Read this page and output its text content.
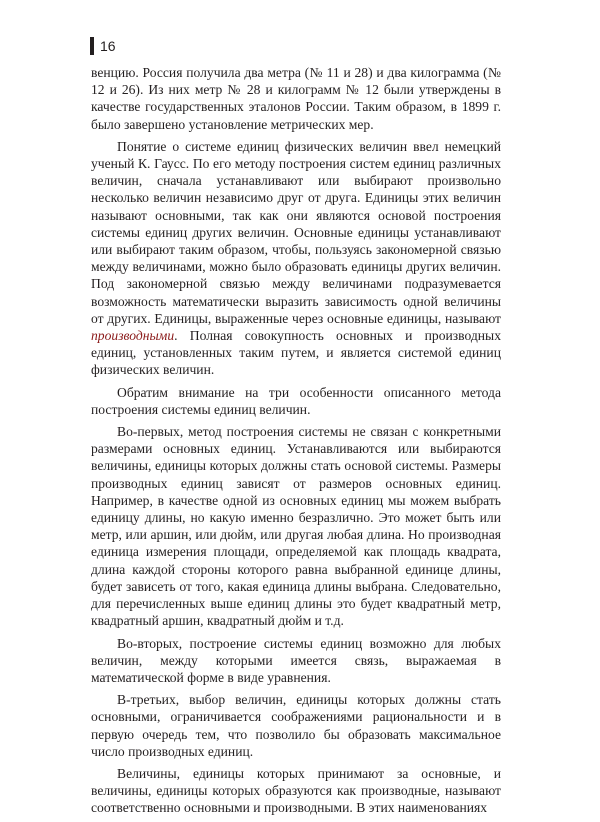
16

венцию. Россия получила два метра (№ 11 и 28) и два килограмма (№ 12 и 26). Из них метр № 28 и килограмм № 12 были утверждены в качестве государственных эталонов России. Таким образом, в 1899 г. было завершено установление метрических мер.

Понятие о системе единиц физических величин ввел немецкий ученый К. Гаусс. По его методу построения систем единиц различных величин, сначала устанавливают или выбирают произвольно несколько величин независимо друг от друга. Единицы этих величин называют основными, так как они являются основой построения системы единиц других величин. Основные единицы устанавливают или выбирают таким образом, чтобы, пользуясь закономерной связью между величинами, можно было образовать единицы других величин. Под закономерной связью между величинами подразумевается возможность математически выразить зависимость одной величины от других. Единицы, выраженные через основные единицы, называют производными. Полная совокупность основных и производных единиц, установленных таким путем, и является системой единиц физических величин.

Обратим внимание на три особенности описанного метода построения системы единиц величин.

Во-первых, метод построения системы не связан с конкретными размерами основных единиц. Устанавливаются или выбираются величины, единицы которых должны стать основой системы. Размеры производных единиц зависят от размеров основных единиц. Например, в качестве одной из основных единиц мы можем выбрать единицу длины, но какую именно безразлично. Это может быть или метр, или аршин, или дюйм, или другая любая длина. Но производная единица измерения площади, определяемой как площадь квадрата, длина каждой стороны которого равна выбранной единице длины, будет зависеть от того, какая единица длины выбрана. Следовательно, для перечисленных выше единиц длины это будет квадратный метр, квадратный аршин, квадратный дюйм и т.д.

Во-вторых, построение системы единиц возможно для любых величин, между которыми имеется связь, выражаемая в математической форме в виде уравнения.

В-третьих, выбор величин, единицы которых должны стать основными, ограничивается соображениями рациональности и в первую очередь тем, что позволило бы образовать максимальное число производных единиц.

Величины, единицы которых принимают за основные, и величины, единицы которых образуются как производные, называют соответственно основными и производными. В этих наименованиях
